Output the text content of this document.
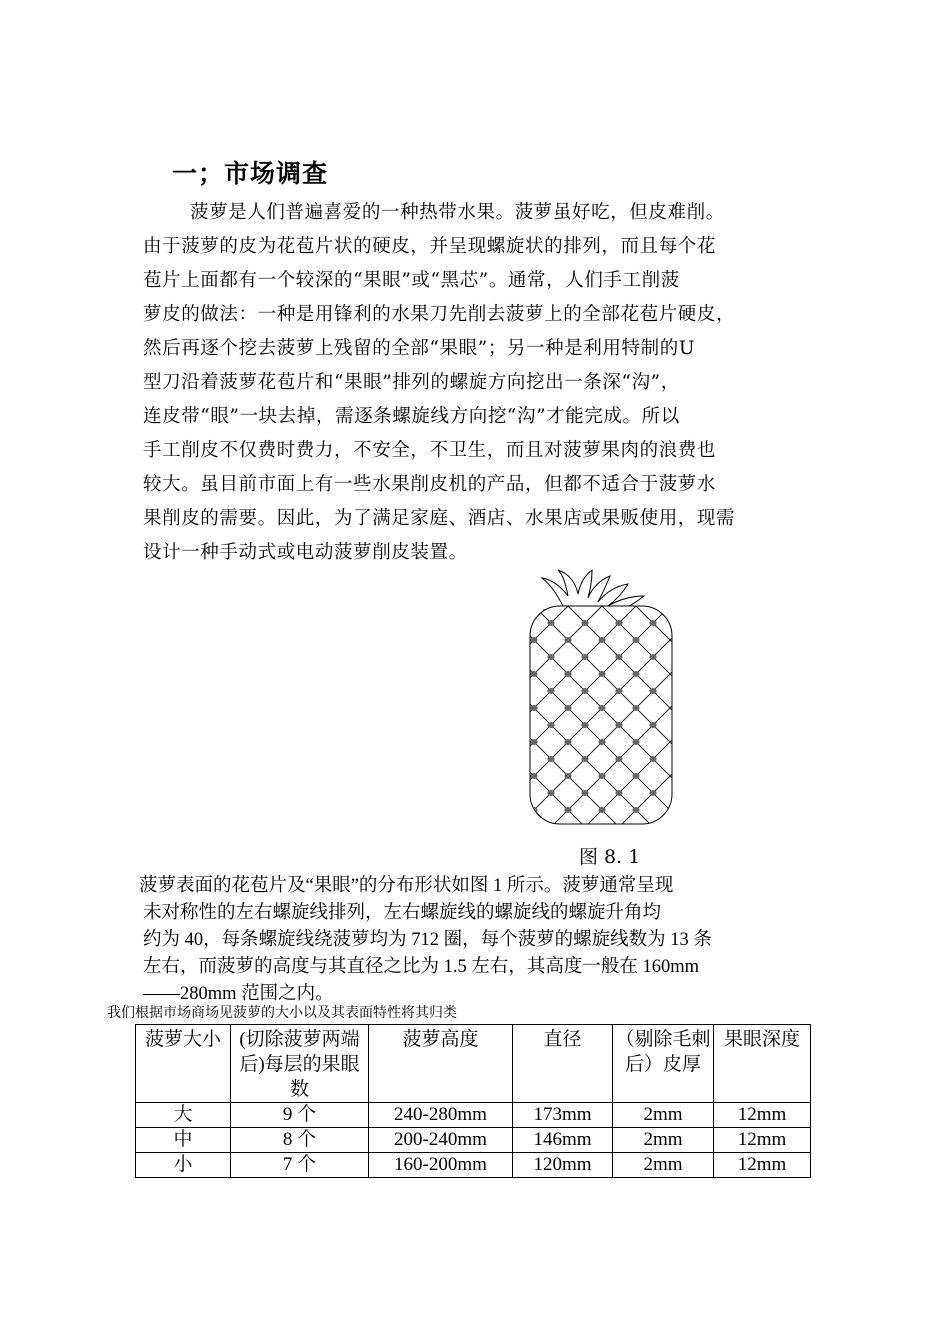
一；市场调查

菠萝是人们普遍喜爱的一种热带水果。菠萝虽好吃，但皮难削。
由于菠萝的皮为花苞片状的硬皮，并呈现螺旋状的排列，而且每个花
苞片上面都有一个较深的“果眼”或“黑芯”。通常，人们手工削菠
萝皮的做法：一种是用锋利的水果刀先削去菠萝上的全部花苞片硬皮，
然后再逐个挖去菠萝上残留的全部“果眼”；另一种是利用特制的U
型刀沿着菠萝花苞片和“果眼”排列的螺旋方向挖出一条深“沟”，
连皮带“眼”一块去掉，需逐条螺旋线方向挖“沟”才能完成。所以
手工削皮不仅费时费力，不安全，不卫生，而且对菠萝果肉的浪费也
较大。虽目前市面上有一些水果削皮机的产品，但都不适合于菠萝水
果削皮的需要。因此，为了满足家庭、酒店、水果店或果贩使用，现需
设计一种手动式或电动菠萝削皮装置。

图 8. 1

菠萝表面的花苞片及“果眼”的分布形状如图 1 所示。菠萝通常呈现
未对称性的左右螺旋线排列，左右螺旋线的螺旋线的螺旋升角均
约为 40，每条螺旋线绕菠萝均为 712 圈，每个菠萝的螺旋线数为 13 条
左右，而菠萝的高度与其直径之比为 1.5 左右，其高度一般在 160mm
——280mm 范围之内。

我们根据市场商场见菠萝的大小以及其表面特性将其归类

菠萝大小	(切除菠萝两端后)每层的果眼数	菠萝高度	直径	（剔除毛刺后）皮厚	果眼深度
大	9 个	240-280mm	173mm	2mm	12mm
中	8 个	200-240mm	146mm	2mm	12mm
小	7 个	160-200mm	120mm	2mm	12mm
